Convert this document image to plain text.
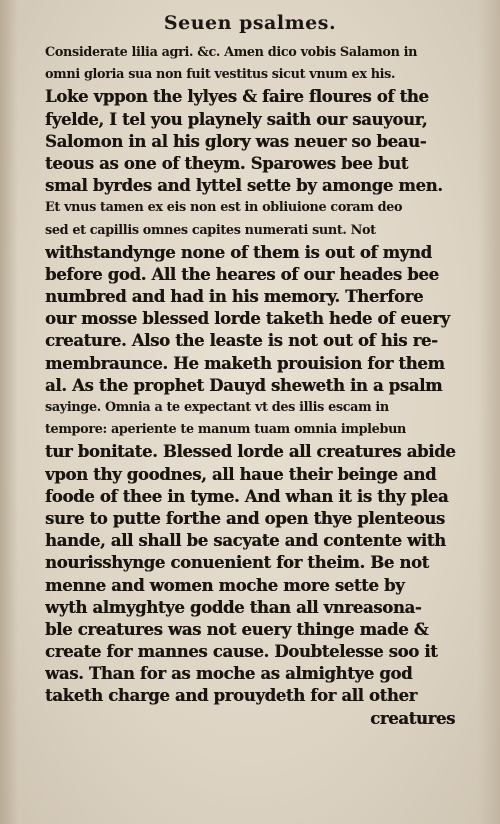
Seuen psalmes.
Considerate lilia agri. &c. Amen dico vobis Salamon in
omni gloria sua non fuit vestitus sicut vnum ex his.
Loke vppon the lylyes & faire floures of the
fyelde, I tel you playnely saith our sauyour,
Salomon in al his glory was neuer so beau-
teous as one of theym. Sparowes bee but
smal byrdes and lyttel sette by amonge men.
Et vnus tamen ex eis non est in obliuione coram deo
sed et capillis omnes capites numerati sunt. Not
withstandynge none of them is out of mynd
before god. All the heares of our heades bee
numbred and had in his memory. Therfore
our mosse blessed lorde taketh hede of euery
creature. Also the leaste is not out of his re-
membraunce. He maketh prouision for them
al. As the prophet Dauyd sheweth in a psalm
sayinge. Omnia a te expectant vt des illis escam in
tempore: aperiente te manum tuam omnia implebun
tur bonitate. Blessed lorde all creatures abide
vpon thy goodnes, all haue their beinge and
foode of thee in tyme. And whan it is thy plea
sure to putte forthe and open thye plenteous
hande, all shall be sacyate and contente with
nourisshynge conuenient for theim. Be not
menne and women moche more sette by
wyth almyghtye godde than all vnreasona-
ble creatures was not euery thinge made &
create for mannes cause. Doubtelesse soo it
was. Than for as moche as almightye god
taketh charge and prouydeth for all other
creatures
